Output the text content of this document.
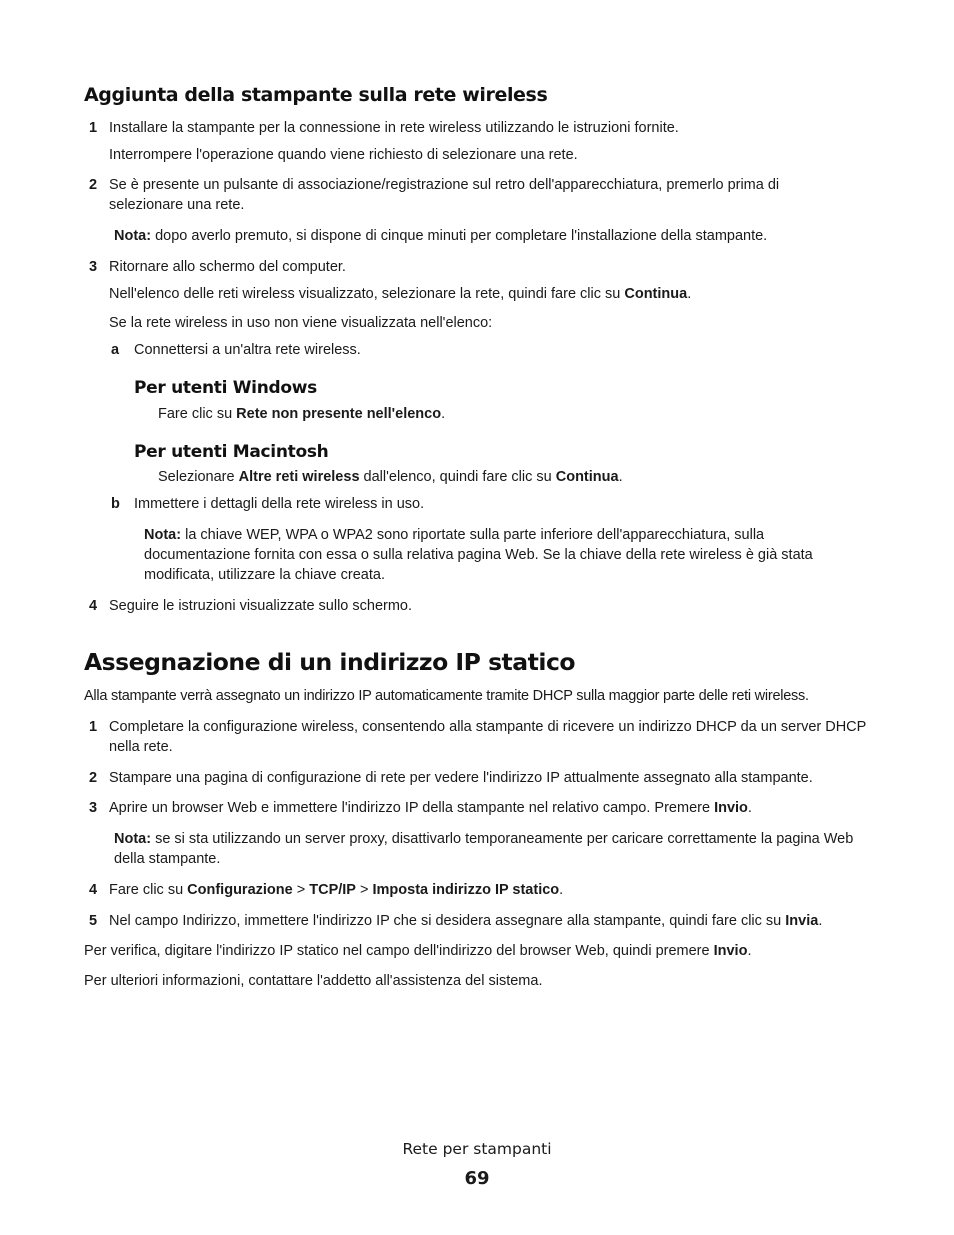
Aggiunta della stampante sulla rete wireless
1 Installare la stampante per la connessione in rete wireless utilizzando le istruzioni fornite.
Interrompere l'operazione quando viene richiesto di selezionare una rete.
2 Se è presente un pulsante di associazione/registrazione sul retro dell'apparecchiatura, premerlo prima di selezionare una rete.
Nota: dopo averlo premuto, si dispone di cinque minuti per completare l'installazione della stampante.
3 Ritornare allo schermo del computer.
Nell'elenco delle reti wireless visualizzato, selezionare la rete, quindi fare clic su Continua.
Se la rete wireless in uso non viene visualizzata nell'elenco:
a Connettersi a un'altra rete wireless.
Per utenti Windows
Fare clic su Rete non presente nell'elenco.
Per utenti Macintosh
Selezionare Altre reti wireless dall'elenco, quindi fare clic su Continua.
b Immettere i dettagli della rete wireless in uso.
Nota: la chiave WEP, WPA o WPA2 sono riportate sulla parte inferiore dell'apparecchiatura, sulla documentazione fornita con essa o sulla relativa pagina Web. Se la chiave della rete wireless è già stata modificata, utilizzare la chiave creata.
4 Seguire le istruzioni visualizzate sullo schermo.
Assegnazione di un indirizzo IP statico
Alla stampante verrà assegnato un indirizzo IP automaticamente tramite DHCP sulla maggior parte delle reti wireless.
1 Completare la configurazione wireless, consentendo alla stampante di ricevere un indirizzo DHCP da un server DHCP nella rete.
2 Stampare una pagina di configurazione di rete per vedere l'indirizzo IP attualmente assegnato alla stampante.
3 Aprire un browser Web e immettere l'indirizzo IP della stampante nel relativo campo. Premere Invio.
Nota: se si sta utilizzando un server proxy, disattivarlo temporaneamente per caricare correttamente la pagina Web della stampante.
4 Fare clic su Configurazione > TCP/IP > Imposta indirizzo IP statico.
5 Nel campo Indirizzo, immettere l'indirizzo IP che si desidera assegnare alla stampante, quindi fare clic su Invia.
Per verifica, digitare l'indirizzo IP statico nel campo dell'indirizzo del browser Web, quindi premere Invio.
Per ulteriori informazioni, contattare l'addetto all'assistenza del sistema.
Rete per stampanti
69
